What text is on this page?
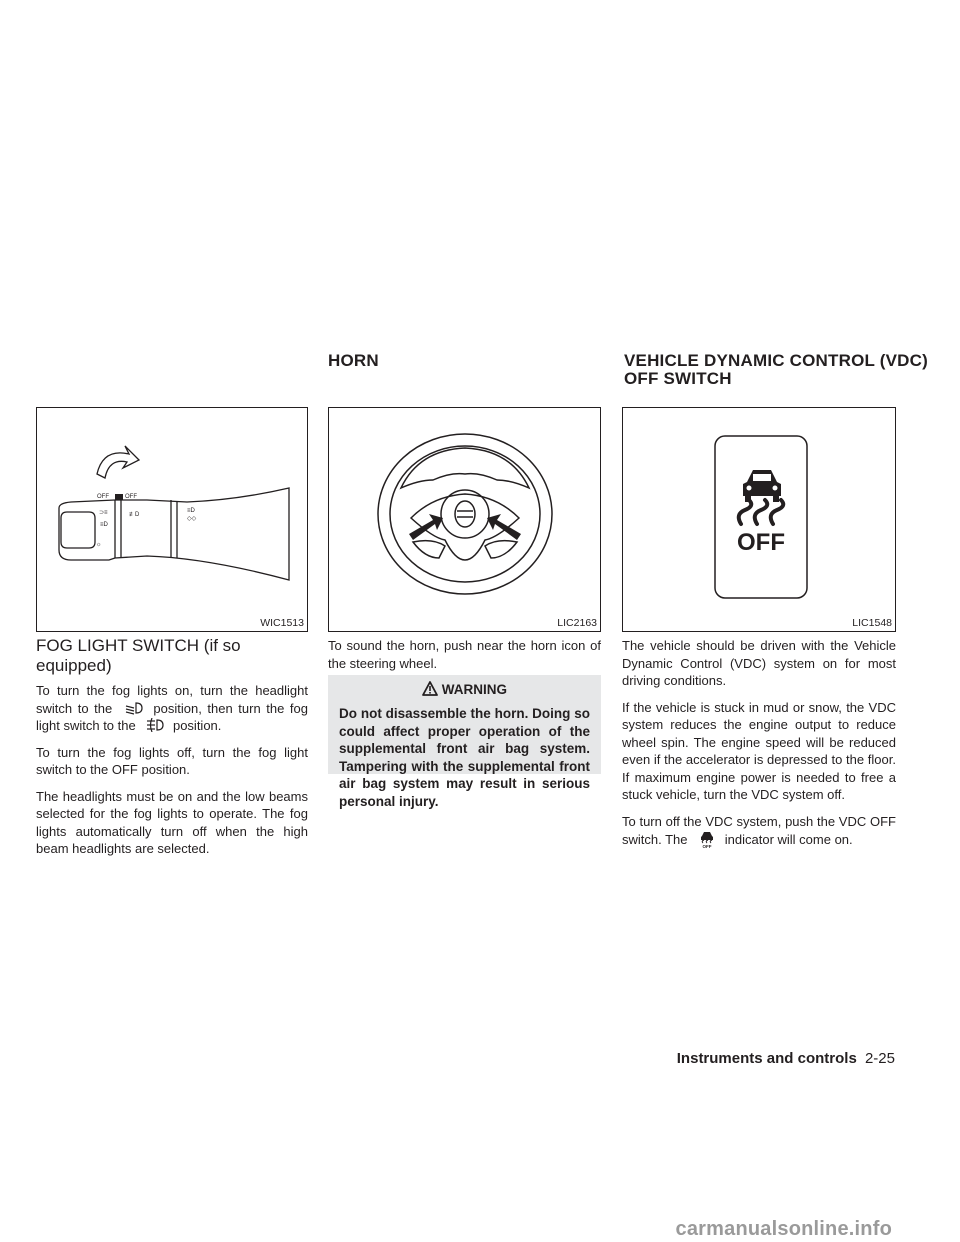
HORN	VEHICLE DYNAMIC CONTROL (VDC)
OFF SWITCH
OFF	OFF
⊃≡
≡D
☼
≢D
≡D
◇◇
WIC1513	LIC2163
OFF
LIC1548
FOG LIGHT SWITCH (if so equipped)

To turn the fog lights on, turn the headlight switch to the	position, then turn the fog light switch to the	position.

To turn the fog lights off, turn the fog light switch to the OFF position.

The headlights must be on and the low beams selected for the fog lights to operate. The fog lights automatically turn off when the high beam headlights are selected.

To sound the horn, push near the horn icon of the steering wheel.

WARNING
Do not disassemble the horn. Doing so could affect proper operation of the supplemental front air bag system. Tampering with the supplemental front air bag system may result in serious personal injury.

The vehicle should be driven with the Vehicle Dynamic Control (VDC) system on for most driving conditions.

If the vehicle is stuck in mud or snow, the VDC system reduces the engine output to reduce wheel spin. The engine speed will be reduced even if the accelerator is depressed to the floor. If maximum engine power is needed to free a stuck vehicle, turn the VDC system off.

To turn off the VDC system, push the VDC OFF switch. The	OFF indicator will come on.

Instruments and controls 2-25
carmanualsonline.info
